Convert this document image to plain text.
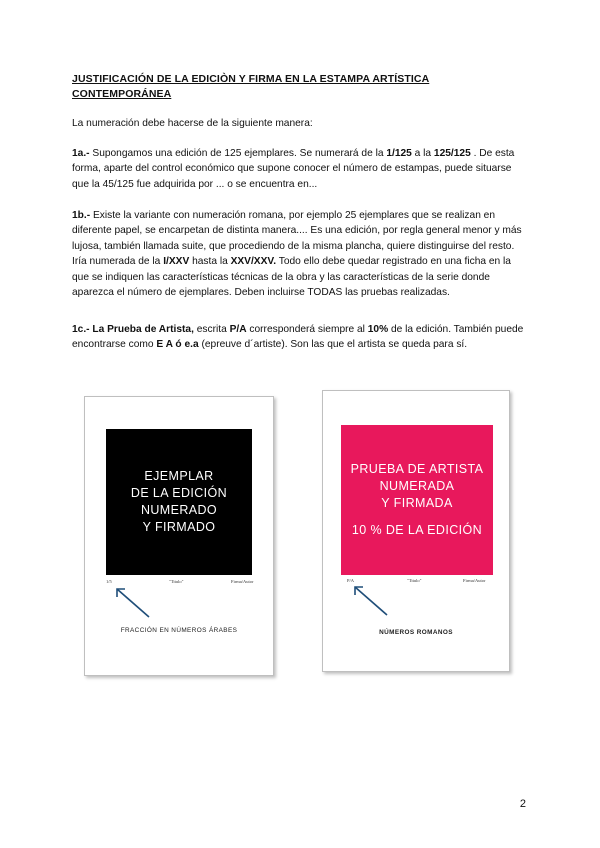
JUSTIFICACIÓN DE LA EDICIÒN Y FIRMA EN LA ESTAMPA ARTÍSTICA
CONTEMPORÁNEA
La numeración debe hacerse de la siguiente manera:
1a.- Supongamos una edición de 125 ejemplares. Se numerará de la 1/125 a la 125/125 . De esta forma, aparte del control económico que supone conocer el número de estampas, puede situarse que la 45/125 fue adquirida por ... o se encuentra en...
1b.- Existe la variante con numeración romana, por ejemplo 25 ejemplares que se realizan en diferente papel, se encarpetan de distinta manera.... Es una edición, por regla general menor y más lujosa, también llamada suite, que procediendo de la misma plancha, quiere distinguirse del resto. Iría numerada de la I/XXV hasta la XXV/XXV. Todo ello debe quedar registrado en una ficha en la que se indiquen las características técnicas de la obra y las características de la serie donde aparezca el número de ejemplares. Deben incluirse TODAS las pruebas realizadas.
1c.- La Prueba de Artista, escrita P/A corresponderá siempre al 10% de la edición. También puede encontrarse como E A ó e.a (epreuve d´artiste). Son las que el artista se queda para sí.
EJEMPLAR
DE LA EDICIÓN
NUMERADO
Y FIRMADO
1/5	"Titulo"	Firma/Autor
FRACCIÓN EN NÚMEROS ÁRABES
PRUEBA DE ARTISTA
NUMERADA
Y FIRMADA
10 % DE LA EDICIÓN
P/A	"Titulo"	Firma/Autor
NÚMEROS ROMANOS
2
